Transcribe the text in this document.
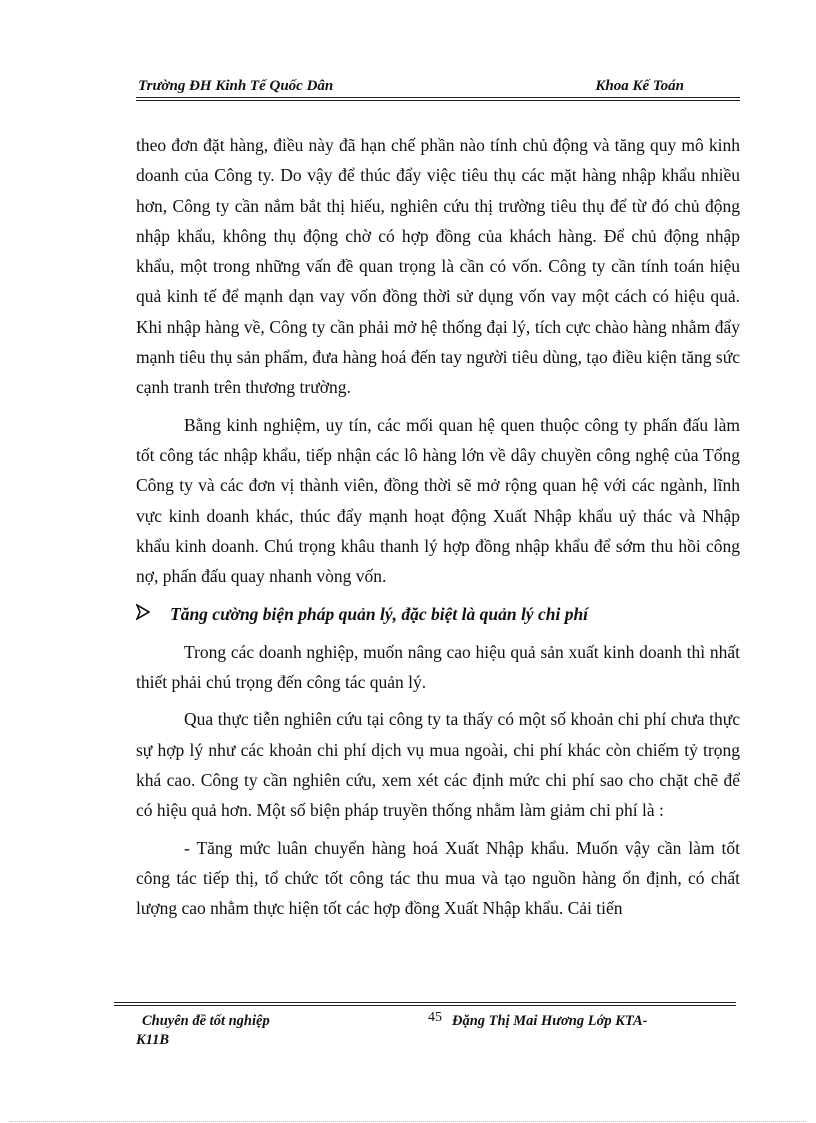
Trường ĐH Kinh Tế Quốc Dân	Khoa Kế Toán

theo đơn đặt hàng, điều này đã hạn chế phần nào tính chủ động và tăng quy mô kinh doanh của Công ty. Do vậy để thúc đẩy việc tiêu thụ các mặt hàng nhập khẩu nhiều hơn, Công ty cần nắm bắt thị hiếu, nghiên cứu thị trường tiêu thụ để từ đó chủ động nhập khẩu, không thụ động chờ có hợp đồng của khách hàng. Để chủ động nhập khẩu, một trong những vấn đề quan trọng là cần có vốn. Công ty cần tính toán hiệu quả kinh tế để mạnh dạn vay vốn đồng thời sử dụng vốn vay một cách có hiệu quả. Khi nhập hàng về, Công ty cần phải mở hệ thống đại lý, tích cực chào hàng nhằm đẩy mạnh tiêu thụ sản phẩm, đưa hàng hoá đến tay người tiêu dùng, tạo điều kiện tăng sức cạnh tranh trên thương trường.

Bằng kinh nghiệm, uy tín, các mối quan hệ quen thuộc công ty phấn đấu làm tốt công tác nhập khẩu, tiếp nhận các lô hàng lớn về dây chuyền công nghệ của Tổng Công ty và các đơn vị thành viên, đồng thời sẽ mở rộng quan hệ với các ngành, lĩnh vực kinh doanh khác, thúc đẩy mạnh hoạt động Xuất Nhập khẩu uỷ thác và Nhập khẩu kinh doanh. Chú trọng khâu thanh lý hợp đồng nhập khẩu để sớm thu hồi công nợ, phấn đấu quay nhanh vòng vốn.

Tăng cường biện pháp quản lý, đặc biệt là quản lý chi phí

Trong các doanh nghiệp, muốn nâng cao hiệu quả sản xuất kinh doanh thì nhất thiết phải chú trọng đến công tác quản lý.

Qua thực tiễn nghiên cứu tại công ty ta thấy có một số khoản chi phí chưa thực sự hợp lý như các khoản chi phí dịch vụ mua ngoài, chi phí khác còn chiếm tỷ trọng khá cao. Công ty cần nghiên cứu, xem xét các định mức chi phí sao cho chặt chẽ để có hiệu quả hơn. Một số biện pháp truyền thống nhằm làm giảm chi phí là :

- Tăng mức luân chuyển hàng hoá Xuất Nhập khẩu. Muốn vậy cần làm tốt công tác tiếp thị, tổ chức tốt công tác thu mua và tạo nguồn hàng ổn định, có chất lượng cao nhằm thực hiện tốt các hợp đồng Xuất Nhập khẩu. Cải tiến

Chuyên đề tốt nghiệp	45 Đặng Thị Mai Hương Lớp KTA-
K11B
